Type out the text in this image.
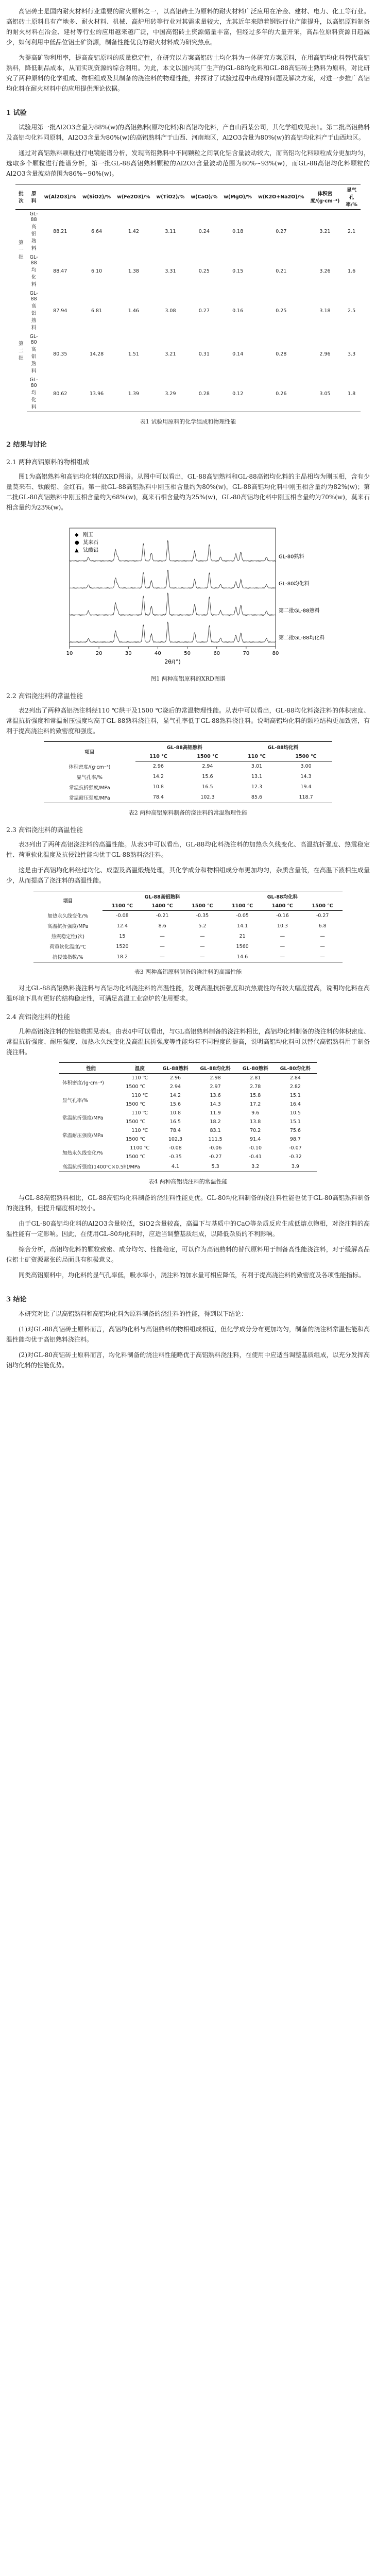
高铝砖土是国内耐火材料行业重要的耐火原料之一，以高铝砖土为原料的耐火材料广泛应用在冶金、建材、电力、化工等行业。高铝砖土原料具有产地多、耐火材料、机械、高炉用砖等行业对其需求量较大，尤其近年来随着钢铁行业产能提升，以高铝原料制备的耐火材料在冶金、建材等行业的应用越来越广泛，中国高铝砖土资源储量丰富，但经过多年的大量开采，高品位原料资源日趋减少，如何利用中低品位铝土矿资源，制备性能优良的耐火材料成为研究热点。

为提高矿物利用率，提高高铝原料的质量稳定性，在研究以方案高铝砖土均化料为一体研究方案原料，在用高铝均化料替代高铝熟料，降低制品成本，从而实现资源的综合利用。为此，本文以国内某厂生产的GL-88均化料和GL-88高铝砖土熟料为原料，对比研究了两种原料的化学组成、物相组成及其制备的浇注料的物理性能，并探讨了试验过程中出现的问题及解决方案，对进一步推广高铝均化料在耐火材料中的应用提供理论依据。

1 试验

试验用第一批Al2O3含量为88%(w)的高铝熟料(原均化料)和高铝均化料，产自山西某公司，其化学组成见表1。第二批高铝熟料及高铝均化料同原料，Al2O3含量为80%(w)的高铝熟料产于山西、河南地区，Al2O3含量为80%(w)的高铝均化料产于山西地区。

通过对高铝熟料颗粒进行电镜能谱分析，发现高铝熟料中不同颗粒之间氧化铝含量波动较大，而高铝均化料颗粒成分更加均匀，选取多个颗粒进行能谱分析，第一批GL-88高铝熟料颗粒的Al2O3含量波动范围为80%~93%(w)，而GL-88高铝均化料颗粒的Al2O3含量波动范围为86%~90%(w)。

批次	原料	w(Al2O3)/%	w(SiO2)/%	w(Fe2O3)/%	w(TiO2)/%	w(CaO)/%	w(MgO)/%	w(K2O+Na2O)/%	体积密度/(g·cm⁻³)	显气孔率/%
第一批	GL-88高铝熟料	88.21	6.64	1.42	3.11	0.24	0.18	0.27	3.21	2.1
	GL-88均化料	88.47	6.10	1.38	3.31	0.25	0.15	0.21	3.26	1.6
第二批	GL-88高铝熟料	87.94	6.81	1.46	3.08	0.27	0.16	0.25	3.18	2.5
	GL-80高铝熟料	80.35	14.28	1.51	3.21	0.31	0.14	0.28	2.96	3.3
	GL-80均化料	80.62	13.96	1.39	3.29	0.28	0.12	0.26	3.05	1.8
表1 试验用原料的化学组成和物理性能

2 结果与讨论
2.1 两种高铝原料的物相组成

图1为高铝熟料和高铝均化料的XRD图谱。从图中可以看出，GL-88高铝熟料和GL-88高铝均化料的主晶相均为刚玉相，含有少量莫来石、钛酸铝、金红石。第一批GL-88高铝熟料中刚玉相含量约为80%(w)，GL-88高铝均化料中刚玉相含量约为82%(w)；第二批GL-80高铝熟料中刚玉相含量约为68%(w)，莫来石相含量约为25%(w)，GL-80高铝均化料中刚玉相含量约为70%(w)，莫来石相含量约为23%(w)。

10	20	30	40	50	60	70	80
2θ/(°)
◆ 刚玉
● 莫来石
▲ 钛酸铝
第二批GL-88均化料
第二批GL-88熟料
GL-80均化料
GL-80熟料
图1 两种高铝原料的XRD图谱
2.2 高铝浇注料的常温性能

表2列出了两种高铝浇注料经110 ℃烘干及1500 ℃烧后的常温物理性能。从表中可以看出，GL-88均化料浇注料的体积密度、常温抗折强度和常温耐压强度均高于GL-88熟料浇注料，显气孔率低于GL-88熟料浇注料。说明高铝均化料的颗粒结构更加致密，有利于提高浇注料的致密度和强度。

项目	GL-88高铝熟料		GL-88均化料	
	110 ℃	1500 ℃	110 ℃	1500 ℃
体积密度/(g·cm⁻³)	2.96	2.94	3.01	3.00
显气孔率/%	14.2	15.6	13.1	14.3
常温抗折强度/MPa	10.8	16.5	12.3	19.4
常温耐压强度/MPa	78.4	102.3	85.6	118.7
表2 两种高铝原料制备的浇注料的常温物理性能
2.3 高铝浇注料的高温性能

表3列出了两种高铝浇注料的高温性能。从表3中可以看出，GL-88均化料浇注料的加热永久线变化、高温抗折强度、热震稳定性、荷重软化温度及抗侵蚀性能均优于GL-88熟料浇注料。

这是由于高铝均化料经过均化、成型及高温煅烧处理，其化学成分和物相组成分布更加均匀，杂质含量低，在高温下液相生成量少，从而提高了浇注料的高温性能。

项目	GL-88高铝熟料			GL-88均化料		
	1100 ℃	1400 ℃	1500 ℃	1100 ℃	1400 ℃	1500 ℃
加热永久线变化/%	-0.08	-0.21	-0.35	-0.05	-0.16	-0.27
高温抗折强度/MPa	12.4	8.6	5.2	14.1	10.3	6.8
热震稳定性(次)	15	—	—	21	—	—
荷重软化温度/℃	1520	—	—	1560	—	—
抗侵蚀指数/%	18.2	—	—	14.6	—	—
表3 两种高铝原料制备的浇注料的高温性能

对比GL-88高铝熟料浇注料与高铝均化料浇注料的高温性能，发现高温抗折强度和抗热震性均有较大幅度提高，说明均化料在高温环境下具有更好的结构稳定性，可满足高温工业窑炉的使用要求。

2.4 高铝浇注料的性能

几种高铝浇注料的性能数据见表4。由表4中可以看出，与GL高铝熟料制备的浇注料相比，高铝均化料制备的浇注料的体积密度、常温抗折强度、耐压强度、加热永久线变化及高温抗折强度等性能均有不同程度的提高，说明高铝均化料可以替代高铝熟料用于制备浇注料。

性能	温度	GL-88熟料	GL-88均化料	GL-80熟料	GL-80均化料
体积密度/(g·cm⁻³)	110 ℃	2.96	2.98	2.81	2.84
	1500 ℃	2.94	2.97	2.78	2.82
显气孔率/%	110 ℃	14.2	13.6	15.8	15.1
	1500 ℃	15.6	14.3	17.2	16.4
常温抗折强度/MPa	110 ℃	10.8	11.9	9.6	10.5
	1500 ℃	16.5	18.2	13.8	15.1
常温耐压强度/MPa	110 ℃	78.4	83.1	70.2	75.6
	1500 ℃	102.3	111.5	91.4	98.7
加热永久线变化/%	1100 ℃	-0.08	-0.06	-0.10	-0.07
	1500 ℃	-0.35	-0.27	-0.41	-0.32
高温抗折强度(1400℃×0.5h)/MPa		4.1	5.3	3.2	3.9
表4 两种高铝浇注料的常温性能

与GL-88高铝熟料相比，GL-88高铝均化料制备的浇注料性能更优。GL-80均化料制备的浇注料性能也优于GL-80高铝熟料制备的浇注料，但提升幅度相对较小。

由于GL-80高铝均化料的Al2O3含量较低，SiO2含量较高，高温下与基质中的CaO等杂质反应生成低熔点物相，对浇注料的高温性能有一定影响。因此，在使用GL-80均化料时，应适当调整基质组成，以降低杂质的不利影响。

综合分析，高铝均化料的颗粒致密、成分均匀、性能稳定，可以作为高铝熟料的替代原料用于制备高性能浇注料，对于缓解高品位铝土矿资源紧张的局面具有积极意义。

同类高铝原料中，均化料的显气孔率低，吸水率小，浇注料的加水量可相应降低，有利于提高浇注料的致密度及各项性能指标。

3 结论

本研究对比了以高铝熟料和高铝均化料为原料制备的浇注料的性能，得到以下结论：

(1)对GL-88高铝砖土原料而言，高铝均化料与高铝熟料的物相组成相近，但化学成分分布更加均匀，制备的浇注料常温性能和高温性能均优于高铝熟料浇注料。

(2)对GL-80高铝砖土原料而言，均化料制备的浇注料性能略优于高铝熟料浇注料，在使用中应适当调整基质组成，以充分发挥高铝均化料的性能优势。
